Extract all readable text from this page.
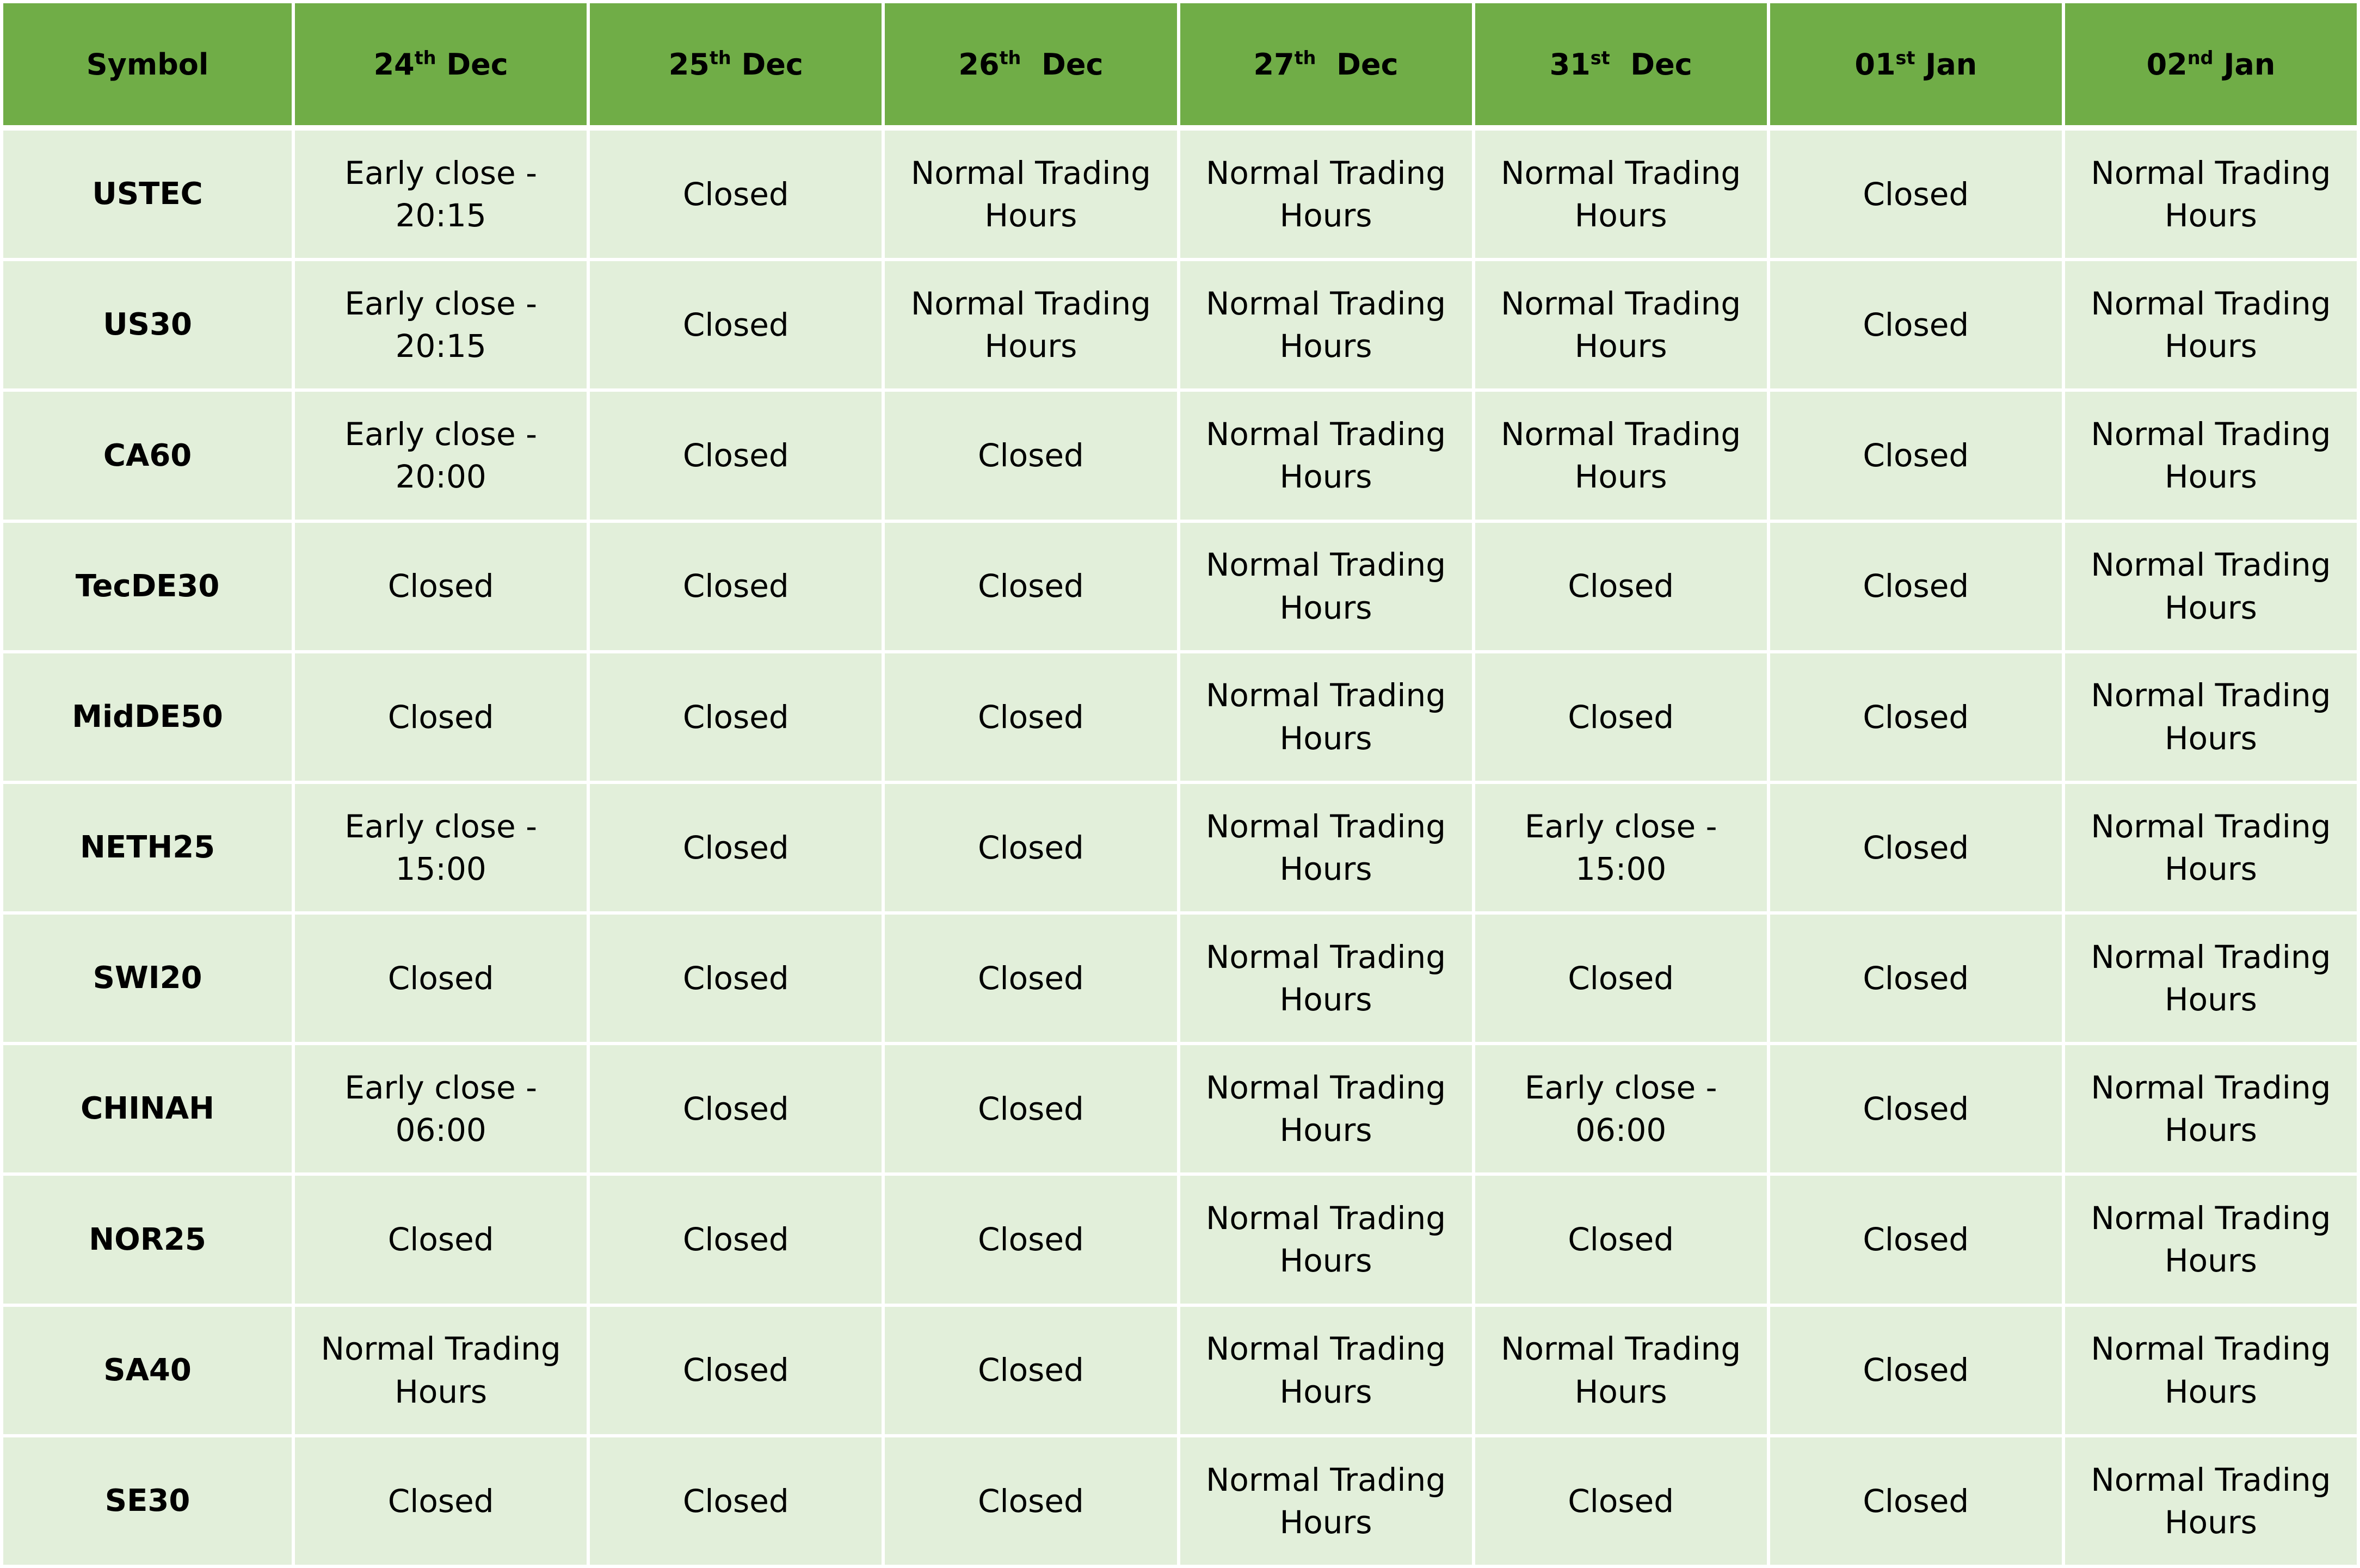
Symbol	24th Dec	25th Dec	26th  Dec	27th  Dec	31st  Dec	01st Jan	02nd Jan
USTEC	Early close - 20:15	Closed	Normal Trading Hours	Normal Trading Hours	Normal Trading Hours	Closed	Normal Trading Hours
US30	Early close - 20:15	Closed	Normal Trading Hours	Normal Trading Hours	Normal Trading Hours	Closed	Normal Trading Hours
CA60	Early close - 20:00	Closed	Closed	Normal Trading Hours	Normal Trading Hours	Closed	Normal Trading Hours
TecDE30	Closed	Closed	Closed	Normal Trading Hours	Closed	Closed	Normal Trading Hours
MidDE50	Closed	Closed	Closed	Normal Trading Hours	Closed	Closed	Normal Trading Hours
NETH25	Early close - 15:00	Closed	Closed	Normal Trading Hours	Early close - 15:00	Closed	Normal Trading Hours
SWI20	Closed	Closed	Closed	Normal Trading Hours	Closed	Closed	Normal Trading Hours
CHINAH	Early close - 06:00	Closed	Closed	Normal Trading Hours	Early close - 06:00	Closed	Normal Trading Hours
NOR25	Closed	Closed	Closed	Normal Trading Hours	Closed	Closed	Normal Trading Hours
SA40	Normal Trading Hours	Closed	Closed	Normal Trading Hours	Normal Trading Hours	Closed	Normal Trading Hours
SE30	Closed	Closed	Closed	Normal Trading Hours	Closed	Closed	Normal Trading Hours
